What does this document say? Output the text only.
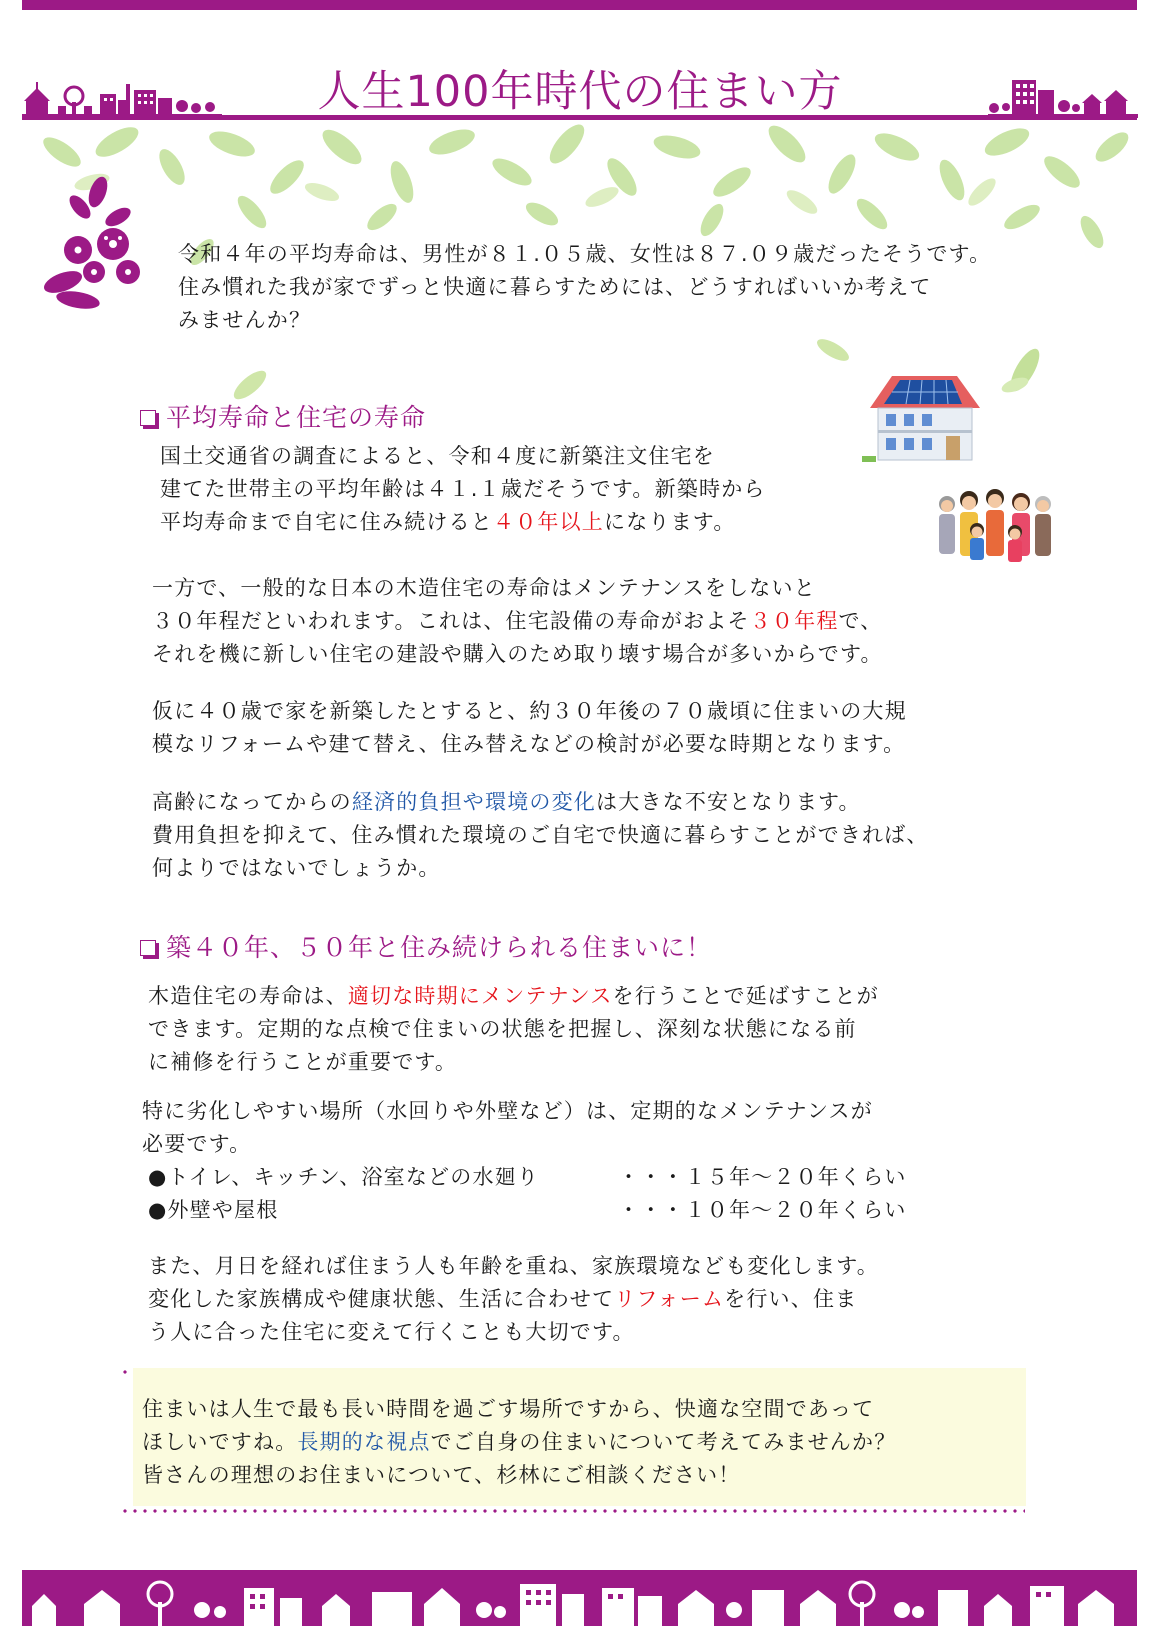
人生100年時代の住まい方
令和４年の平均寿命は、男性が８１.０５歳、女性は８７.０９歳だったそうです。
住み慣れた我が家でずっと快適に暮らすためには、どうすればいいか考えて
みませんか？
平均寿命と住宅の寿命
国土交通省の調査によると、令和４度に新築注文住宅を
建てた世帯主の平均年齢は４１.１歳だそうです。新築時から
平均寿命まで自宅に住み続けると４０年以上になります。
一方で、一般的な日本の木造住宅の寿命はメンテナンスをしないと
３０年程だといわれます。これは、住宅設備の寿命がおよそ３０年程で、
それを機に新しい住宅の建設や購入のため取り壊す場合が多いからです。
仮に４０歳で家を新築したとすると、約３０年後の７０歳頃に住まいの大規
模なリフォームや建て替え、住み替えなどの検討が必要な時期となります。
高齢になってからの経済的負担や環境の変化は大きな不安となります。
費用負担を抑えて、住み慣れた環境のご自宅で快適に暮らすことができれば、
何よりではないでしょうか。
築４０年、５０年と住み続けられる住まいに！
木造住宅の寿命は、適切な時期にメンテナンスを行うことで延ばすことが
できます。定期的な点検で住まいの状態を把握し、深刻な状態になる前
に補修を行うことが重要です。
特に劣化しやすい場所（水回りや外壁など）は、定期的なメンテナンスが
必要です。
●トイレ、キッチン、浴室などの水廻り	・・・１５年～２０年くらい
●外壁や屋根	・・・１０年～２０年くらい
また、月日を経れば住まう人も年齢を重ね、家族環境なども変化します。
変化した家族構成や健康状態、生活に合わせてリフォームを行い、住ま
う人に合った住宅に変えて行くことも大切です。
住まいは人生で最も長い時間を過ごす場所ですから、快適な空間であって
ほしいですね。長期的な視点でご自身の住まいについて考えてみませんか？
皆さんの理想のお住まいについて、杉林にご相談ください！
